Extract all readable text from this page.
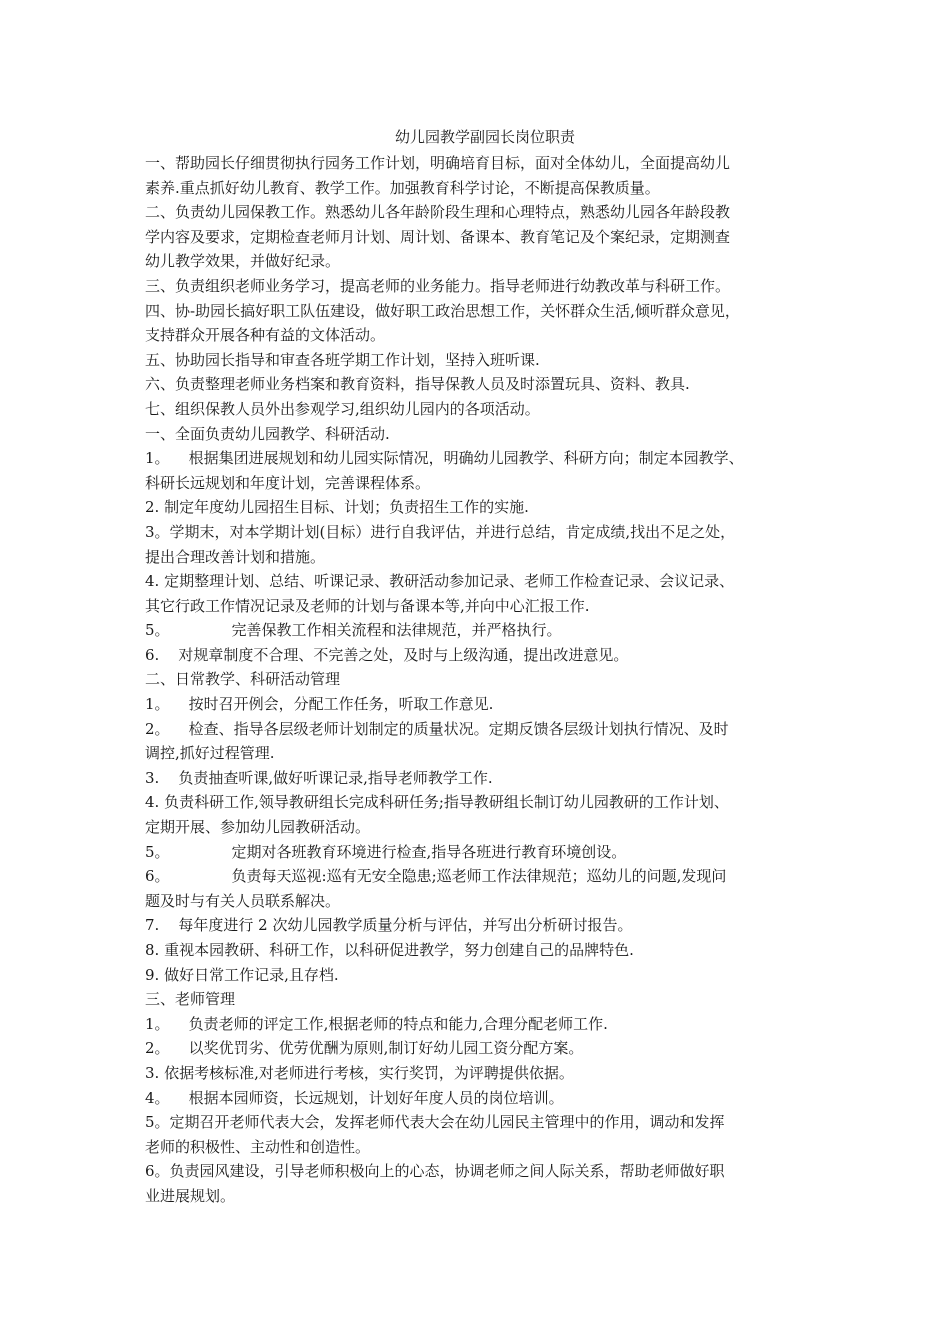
幼儿园教学副园长岗位职责
一、帮助园长仔细贯彻执行园务工作计划，明确培育目标，面对全体幼儿，全面提高幼儿
素养.重点抓好幼儿教育、教学工作。加强教育科学讨论，不断提高保教质量。
二、负责幼儿园保教工作。熟悉幼儿各年龄阶段生理和心理特点，熟悉幼儿园各年龄段教
学内容及要求，定期检查老师月计划、周计划、备课本、教育笔记及个案纪录，定期测查
幼儿教学效果，并做好纪录。
三、负责组织老师业务学习，提高老师的业务能力。指导老师进行幼教改革与科研工作。
四、协-助园长搞好职工队伍建设，做好职工政治思想工作，关怀群众生活,倾听群众意见，
支持群众开展各种有益的文体活动。
五、协助园长指导和审查各班学期工作计划，坚持入班听课.
六、负责整理老师业务档案和教育资料，指导保教人员及时添置玩具、资料、教具.
七、组织保教人员外出参观学习,组织幼儿园内的各项活动。
一、全面负责幼儿园教学、科研活动.
1。    根据集团进展规划和幼儿园实际情况，明确幼儿园教学、科研方向；制定本园教学、
科研长远规划和年度计划，完善课程体系。
2. 制定年度幼儿园招生目标、计划；负责招生工作的实施.
3。学期末，对本学期计划(目标）进行自我评估，并进行总结，肯定成绩,找出不足之处，
提出合理改善计划和措施。
4. 定期整理计划、总结、听课记录、教研活动参加记录、老师工作检查记录、会议记录、
其它行政工作情况记录及老师的计划与备课本等,并向中心汇报工作.
5。             完善保教工作相关流程和法律规范，并严格执行。
6.    对规章制度不合理、不完善之处，及时与上级沟通，提出改进意见。
二、日常教学、科研活动管理
1。    按时召开例会，分配工作任务，听取工作意见.
2。    检查、指导各层级老师计划制定的质量状况。定期反馈各层级计划执行情况、及时
调控,抓好过程管理.
3.    负责抽查听课,做好听课记录,指导老师教学工作.
4. 负责科研工作,领导教研组长完成科研任务;指导教研组长制订幼儿园教研的工作计划、
定期开展、参加幼儿园教研活动。
5。             定期对各班教育环境进行检查,指导各班进行教育环境创设。
6。             负责每天巡视:巡有无安全隐患;巡老师工作法律规范；巡幼儿的问题,发现问
题及时与有关人员联系解决。
7.    每年度进行 2 次幼儿园教学质量分析与评估，并写出分析研讨报告。
8. 重视本园教研、科研工作，以科研促进教学，努力创建自己的品牌特色.
9. 做好日常工作记录,且存档.
三、老师管理
1。    负责老师的评定工作,根据老师的特点和能力,合理分配老师工作.
2。    以奖优罚劣、优劳优酬为原则,制订好幼儿园工资分配方案。
3. 依据考核标准,对老师进行考核，实行奖罚，为评聘提供依据。
4。    根据本园师资，长远规划，计划好年度人员的岗位培训。
5。定期召开老师代表大会，发挥老师代表大会在幼儿园民主管理中的作用，调动和发挥
老师的积极性、主动性和创造性。
6。负责园风建设，引导老师积极向上的心态，协调老师之间人际关系，帮助老师做好职
业进展规划。
